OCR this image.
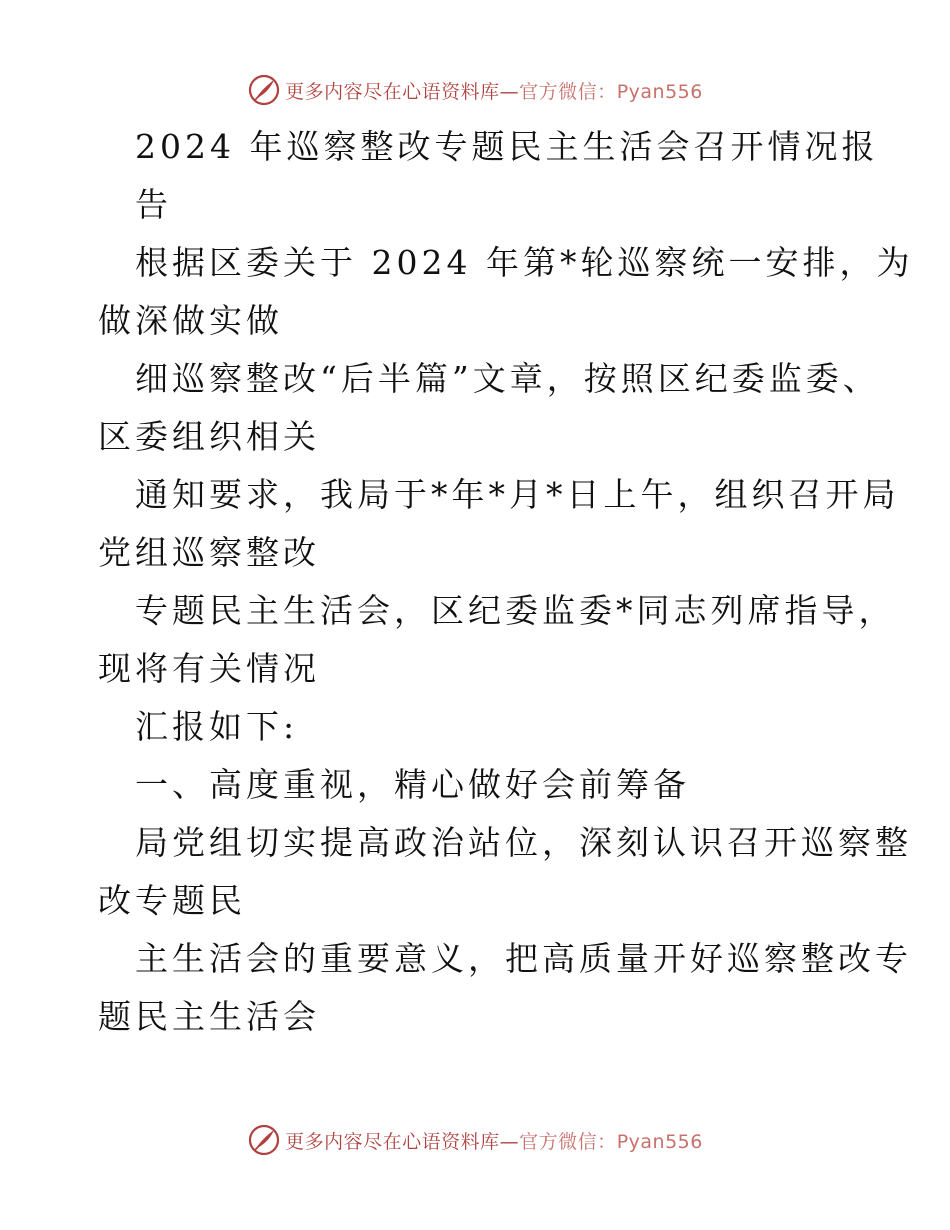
更多内容尽在心语资料库—官方微信：Pyan556
2024 年巡察整改专题民主生活会召开情况报
告
根据区委关于 2024 年第*轮巡察统一安排，为
做深做实做
细巡察整改“后半篇”文章，按照区纪委监委、
区委组织相关
通知要求，我局于*年*月*日上午，组织召开局
党组巡察整改
专题民主生活会，区纪委监委*同志列席指导，
现将有关情况
汇报如下:
一、高度重视，精心做好会前筹备
局党组切实提高政治站位，深刻认识召开巡察整
改专题民
主生活会的重要意义，把高质量开好巡察整改专
题民主生活会
更多内容尽在心语资料库—官方微信：Pyan556
